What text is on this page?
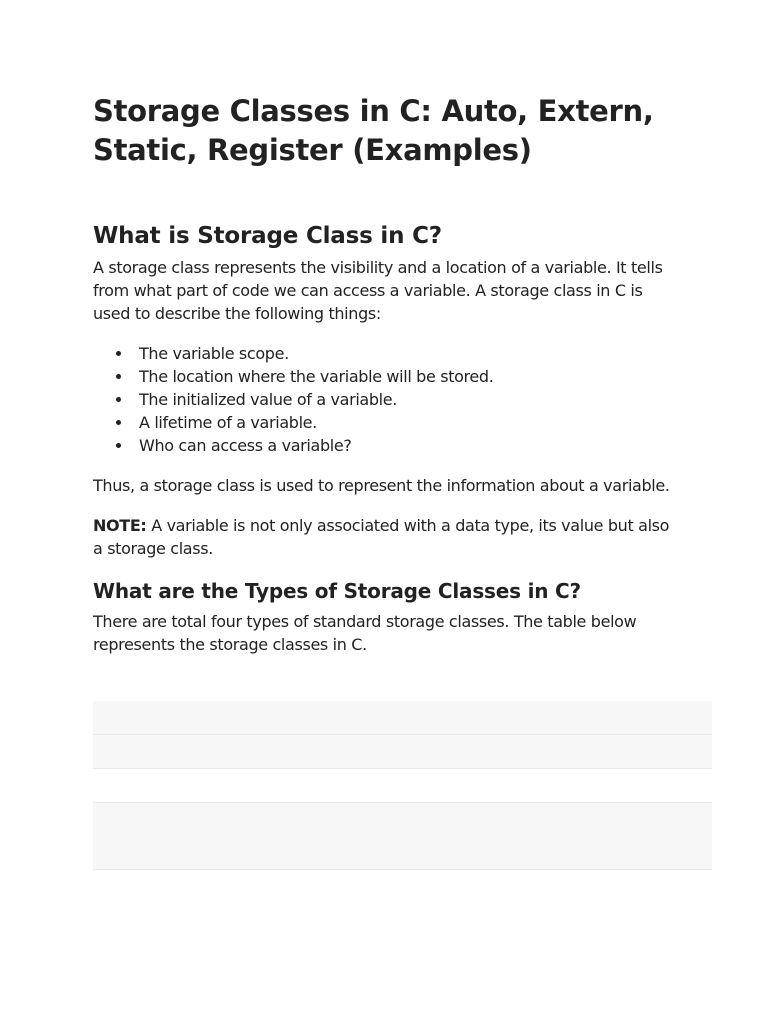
Storage Classes in C: Auto, Extern, Static, Register (Examples)
What is Storage Class in C?

A storage class represents the visibility and a location of a variable. It tells from what part of code we can access a variable. A storage class in C is used to describe the following things:

The variable scope.
The location where the variable will be stored.
The initialized value of a variable.
A lifetime of a variable.
Who can access a variable?

Thus, a storage class is used to represent the information about a variable.

NOTE: A variable is not only associated with a data type, its value but also a storage class.

What are the Types of Storage Classes in C?

There are total four types of standard storage classes. The table below represents the storage classes in C.
